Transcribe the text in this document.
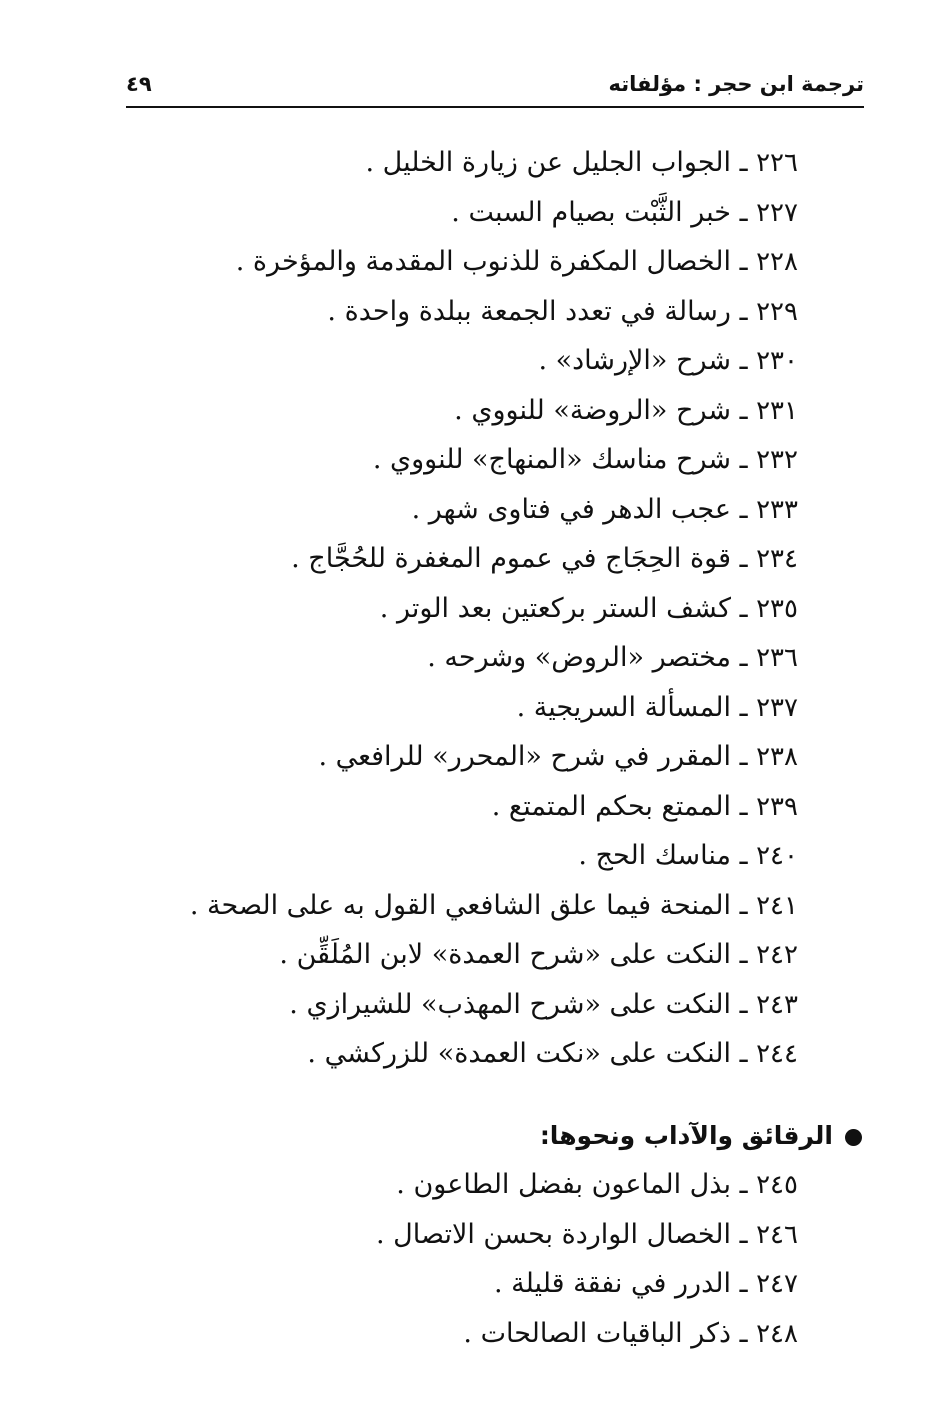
ترجمة ابن حجر : مؤلفاته
٤٩
٢٢٦ ـ الجواب الجليل عن زيارة الخليل .
٢٢٧ ـ خبر الثَّبْت بصيام السبت .
٢٢٨ ـ الخصال المكفرة للذنوب المقدمة والمؤخرة .
٢٢٩ ـ رسالة في تعدد الجمعة ببلدة واحدة .
٢٣٠ ـ شرح «الإرشاد» .
٢٣١ ـ شرح «الروضة» للنووي .
٢٣٢ ـ شرح مناسك «المنهاج» للنووي .
٢٣٣ ـ عجب الدهر في فتاوى شهر .
٢٣٤ ـ قوة الحِجَاج في عموم المغفرة للحُجَّاج .
٢٣٥ ـ كشف الستر بركعتين بعد الوتر .
٢٣٦ ـ مختصر «الروض» وشرحه .
٢٣٧ ـ المسألة السريجية .
٢٣٨ ـ المقرر في شرح «المحرر» للرافعي .
٢٣٩ ـ الممتع بحكم المتمتع .
٢٤٠ ـ مناسك الحج .
٢٤١ ـ المنحة فيما علق الشافعي القول به على الصحة .
٢٤٢ ـ النكت على «شرح العمدة» لابن المُلَقِّن .
٢٤٣ ـ النكت على «شرح المهذب» للشيرازي .
٢٤٤ ـ النكت على «نكت العمدة» للزركشي .
الرقائق والآداب ونحوها:
٢٤٥ ـ بذل الماعون بفضل الطاعون .
٢٤٦ ـ الخصال الواردة بحسن الاتصال .
٢٤٧ ـ الدرر في نفقة قليلة .
٢٤٨ ـ ذكر الباقيات الصالحات .
